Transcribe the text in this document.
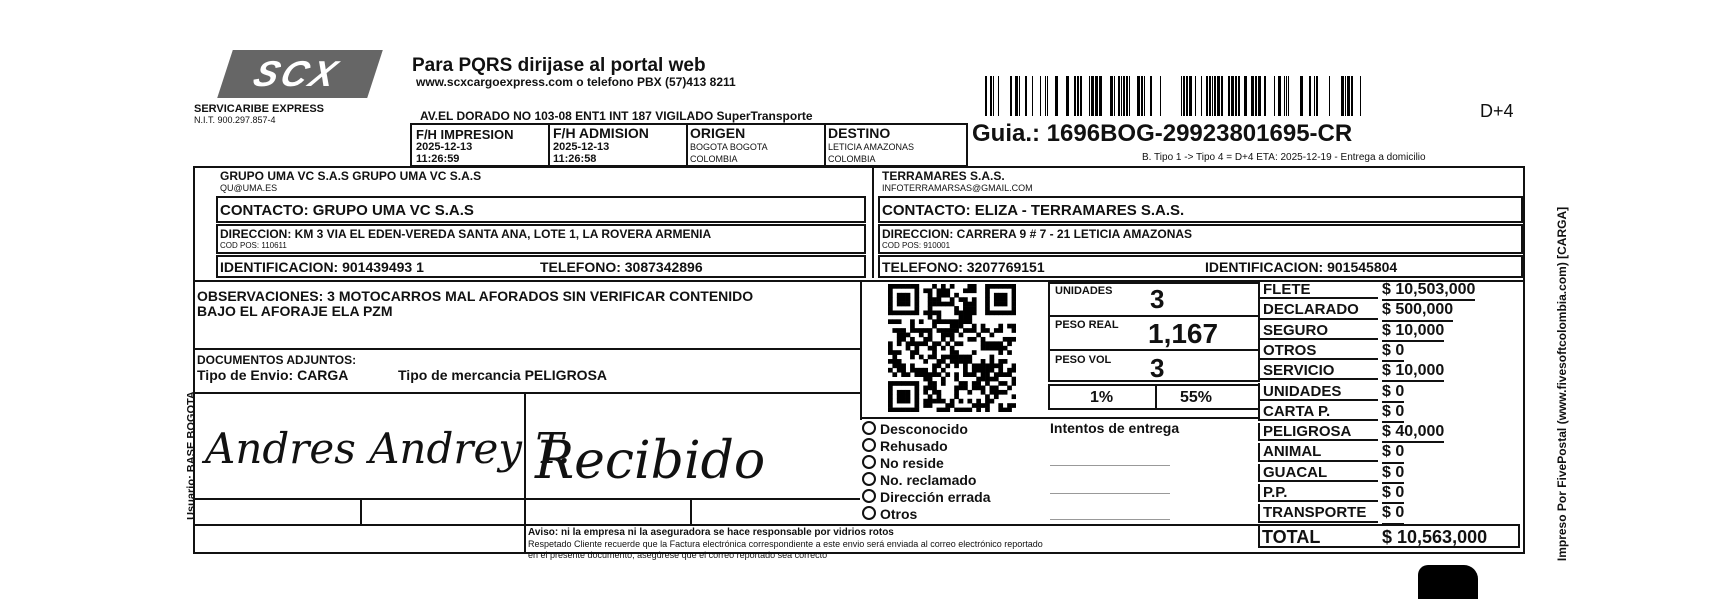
SCX
SERVICARIBE EXPRESS
N.I.T. 900.297.857-4
Para PQRS dirijase al portal web
www.scxcargoexpress.com o telefono PBX (57)413 8211
AV.EL DORADO NO 103-08 ENT1 INT 187 VIGILADO SuperTransporte	D+4
Guia.: 1696BOG-29923801695-CR
B. Tipo 1 -> Tipo 4 = D+4 ETA: 2025-12-19 - Entrega a domicilio
F/H IMPRESION
2025-12-13
11:26:59
F/H ADMISION
2025-12-13
11:26:58
ORIGEN
BOGOTA BOGOTA
COLOMBIA
DESTINO
LETICIA AMAZONAS
COLOMBIA
GRUPO UMA VC S.A.S GRUPO UMA VC S.A.S
QU@UMA.ES
CONTACTO: GRUPO UMA VC S.A.S
DIRECCION: KM 3 VIA EL EDEN-VEREDA SANTA ANA, LOTE 1, LA ROVERA ARMENIA
COD POS: 110611
IDENTIFICACION: 901439493 1	TELEFONO: 3087342896
TERRAMARES S.A.S.
INFOTERRAMARSAS@GMAIL.COM
CONTACTO: ELIZA - TERRAMARES S.A.S.
DIRECCION: CARRERA 9 # 7 - 21 LETICIA AMAZONAS
COD POS: 910001
TELEFONO: 3207769151	IDENTIFICACION: 901545804
OBSERVACIONES: 3 MOTOCARROS MAL AFORADOS SIN VERIFICAR CONTENIDO
BAJO EL AFORAJE ELA PZM
DOCUMENTOS ADJUNTOS:
Tipo de Envio: CARGA	Tipo de mercancia PELIGROSA
Usuario: BASE BOGOTA Andres Andrey T.
Recibido
UNIDADES 3
PESO REAL 1,167
PESO VOL 3
1%	55%
Desconocido
Rehusado
No reside
No. reclamado
Dirección errada
Otros
Intentos de entrega
FLETE	$ 10,503,000
DECLARADO	$ 500,000
SEGURO	$ 10,000
OTROS	$ 0
SERVICIO	$ 10,000
UNIDADES	$ 0
CARTA P.	$ 0
PELIGROSA	$ 40,000
ANIMAL	$ 0
GUACAL	$ 0
P.P.	$ 0
TRANSPORTE $ 0
TOTAL	$ 10,563,000
Aviso: ni la empresa ni la aseguradora se hace responsable por vidrios rotos
Respetado Cliente recuerde que la Factura electrónica correspondiente a este envio será enviada al correo electrónico reportado
en el presente documento, asegúrese que el correo reportado sea correcto	Impreso Por FivePostal (www.fivesoftcolombia.com) [CARGA]
